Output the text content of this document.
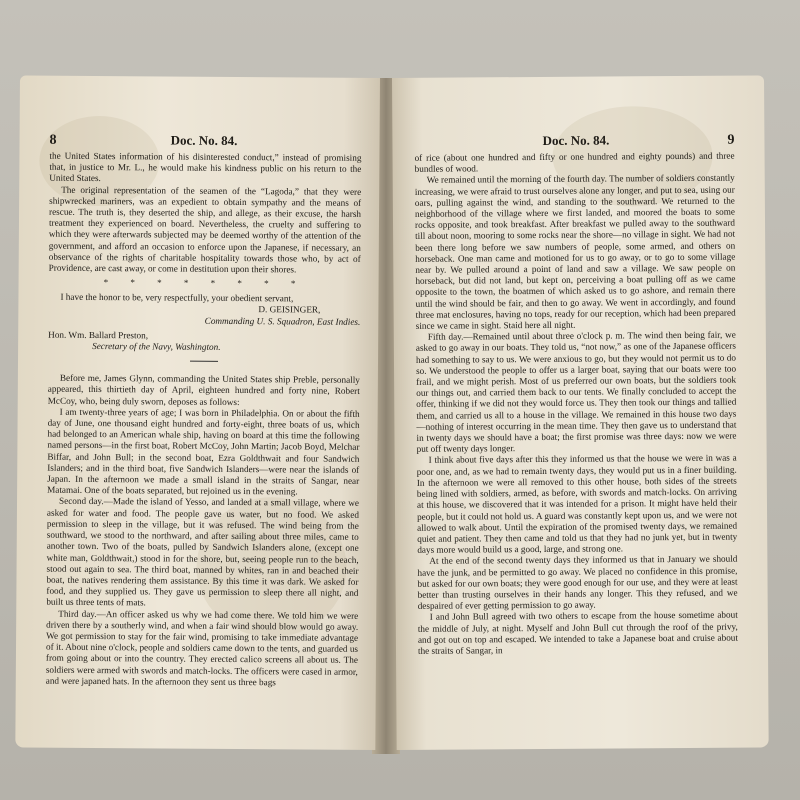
8	Doc. No. 84.

the United States information of his disinterested conduct,” instead of promising that, in justice to Mr. L., he would make his kindness public on his return to the United States.

The original representation of the seamen of the “Lagoda,” that they were shipwrecked mariners, was an expedient to obtain sympathy and the means of rescue. The truth is, they deserted the ship, and allege, as their excuse, the harsh treatment they experienced on board. Nevertheless, the cruelty and suffering to which they were afterwards subjected may be deemed worthy of the attention of the government, and afford an occasion to enforce upon the Japanese, if necessary, an observance of the rights of charitable hospitality towards those who, by act of Providence, are cast away, or come in destitution upon their shores.

* * * * * * * *

I have the honor to be, very respectfully, your obedient servant,

D. GEISINGER,
Commanding U. S. Squadron, East Indies.
Hon. Wm. Ballard Preston,
Secretary of the Navy, Washington.

Before me, James Glynn, commanding the United States ship Preble, personally appeared, this thirtieth day of April, eighteen hundred and forty nine, Robert McCoy, who, being duly sworn, deposes as follows:

I am twenty-three years of age; I was born in Philadelphia. On or about the fifth day of June, one thousand eight hundred and forty-eight, three boats of us, which had belonged to an American whale ship, having on board at this time the following named persons—in the first boat, Robert McCoy, John Martin; Jacob Boyd, Melchar Biffar, and John Bull; in the second boat, Ezra Goldthwait and four Sandwich Islanders; and in the third boat, five Sandwich Islanders—were near the islands of Japan. In the afternoon we made a small island in the straits of Sangar, near Matamai. One of the boats separated, but rejoined us in the evening.

Second day.—Made the island of Yesso, and landed at a small village, where we asked for water and food. The people gave us water, but no food. We asked permission to sleep in the village, but it was refused. The wind being from the southward, we stood to the northward, and after sailing about three miles, came to another town. Two of the boats, pulled by Sandwich Islanders alone, (except one white man, Goldthwait,) stood in for the shore, but, seeing people run to the beach, stood out again to sea. The third boat, manned by whites, ran in and beached their boat, the natives rendering them assistance. By this time it was dark. We asked for food, and they supplied us. They gave us permission to sleep there all night, and built us three tents of mats.

Third day.—An officer asked us why we had come there. We told him we were driven there by a southerly wind, and when a fair wind should blow would go away. We got permission to stay for the fair wind, promising to take immediate advantage of it. About nine o'clock, people and soldiers came down to the tents, and guarded us from going about or into the country. They erected calico screens all about us. The soldiers were armed with swords and match-locks. The officers were cased in armor, and were japaned hats. In the afternoon they sent us three bags

Doc. No. 84.	9

of rice (about one hundred and fifty or one hundred and eighty pounds) and three bundles of wood.

We remained until the morning of the fourth day. The number of soldiers constantly increasing, we were afraid to trust ourselves alone any longer, and put to sea, using our oars, pulling against the wind, and standing to the southward. We returned to the neighborhood of the village where we first landed, and moored the boats to some rocks opposite, and took breakfast. After breakfast we pulled away to the southward till about noon, mooring to some rocks near the shore—no village in sight. We had not been there long before we saw numbers of people, some armed, and others on horseback. One man came and motioned for us to go away, or to go to some village near by. We pulled around a point of land and saw a village. We saw people on horseback, but did not land, but kept on, perceiving a boat pulling off as we came opposite to the town, the boatmen of which asked us to go ashore, and remain there until the wind should be fair, and then to go away. We went in accordingly, and found three mat enclosures, having no tops, ready for our reception, which had been prepared since we came in sight. Staid here all night.

Fifth day.—Remained until about three o'clock p. m. The wind then being fair, we asked to go away in our boats. They told us, “not now,” as one of the Japanese officers had something to say to us. We were anxious to go, but they would not permit us to do so. We understood the people to offer us a larger boat, saying that our boats were too frail, and we might perish. Most of us preferred our own boats, but the soldiers took our things out, and carried them back to our tents. We finally concluded to accept the offer, thinking if we did not they would force us. They then took our things and tallied them, and carried us all to a house in the village. We remained in this house two days—nothing of interest occurring in the mean time. They then gave us to understand that in twenty days we should have a boat; the first promise was three days: now we were put off twenty days longer.

I think about five days after this they informed us that the house we were in was a poor one, and, as we had to remain twenty days, they would put us in a finer building. In the afternoon we were all removed to this other house, both sides of the streets being lined with soldiers, armed, as before, with swords and match-locks. On arriving at this house, we discovered that it was intended for a prison. It might have held their people, but it could not hold us. A guard was constantly kept upon us, and we were not allowed to walk about. Until the expiration of the promised twenty days, we remained quiet and patient. They then came and told us that they had no junk yet, but in twenty days more would build us a good, large, and strong one.

At the end of the second twenty days they informed us that in January we should have the junk, and be permitted to go away. We placed no confidence in this promise, but asked for our own boats; they were good enough for our use, and they were at least better than trusting ourselves in their hands any longer. This they refused, and we despaired of ever getting permission to go away.

I and John Bull agreed with two others to escape from the house sometime about the middle of July, at night. Myself and John Bull cut through the roof of the privy, and got out on top and escaped. We intended to take a Japanese boat and cruise about the straits of Sangar, in
